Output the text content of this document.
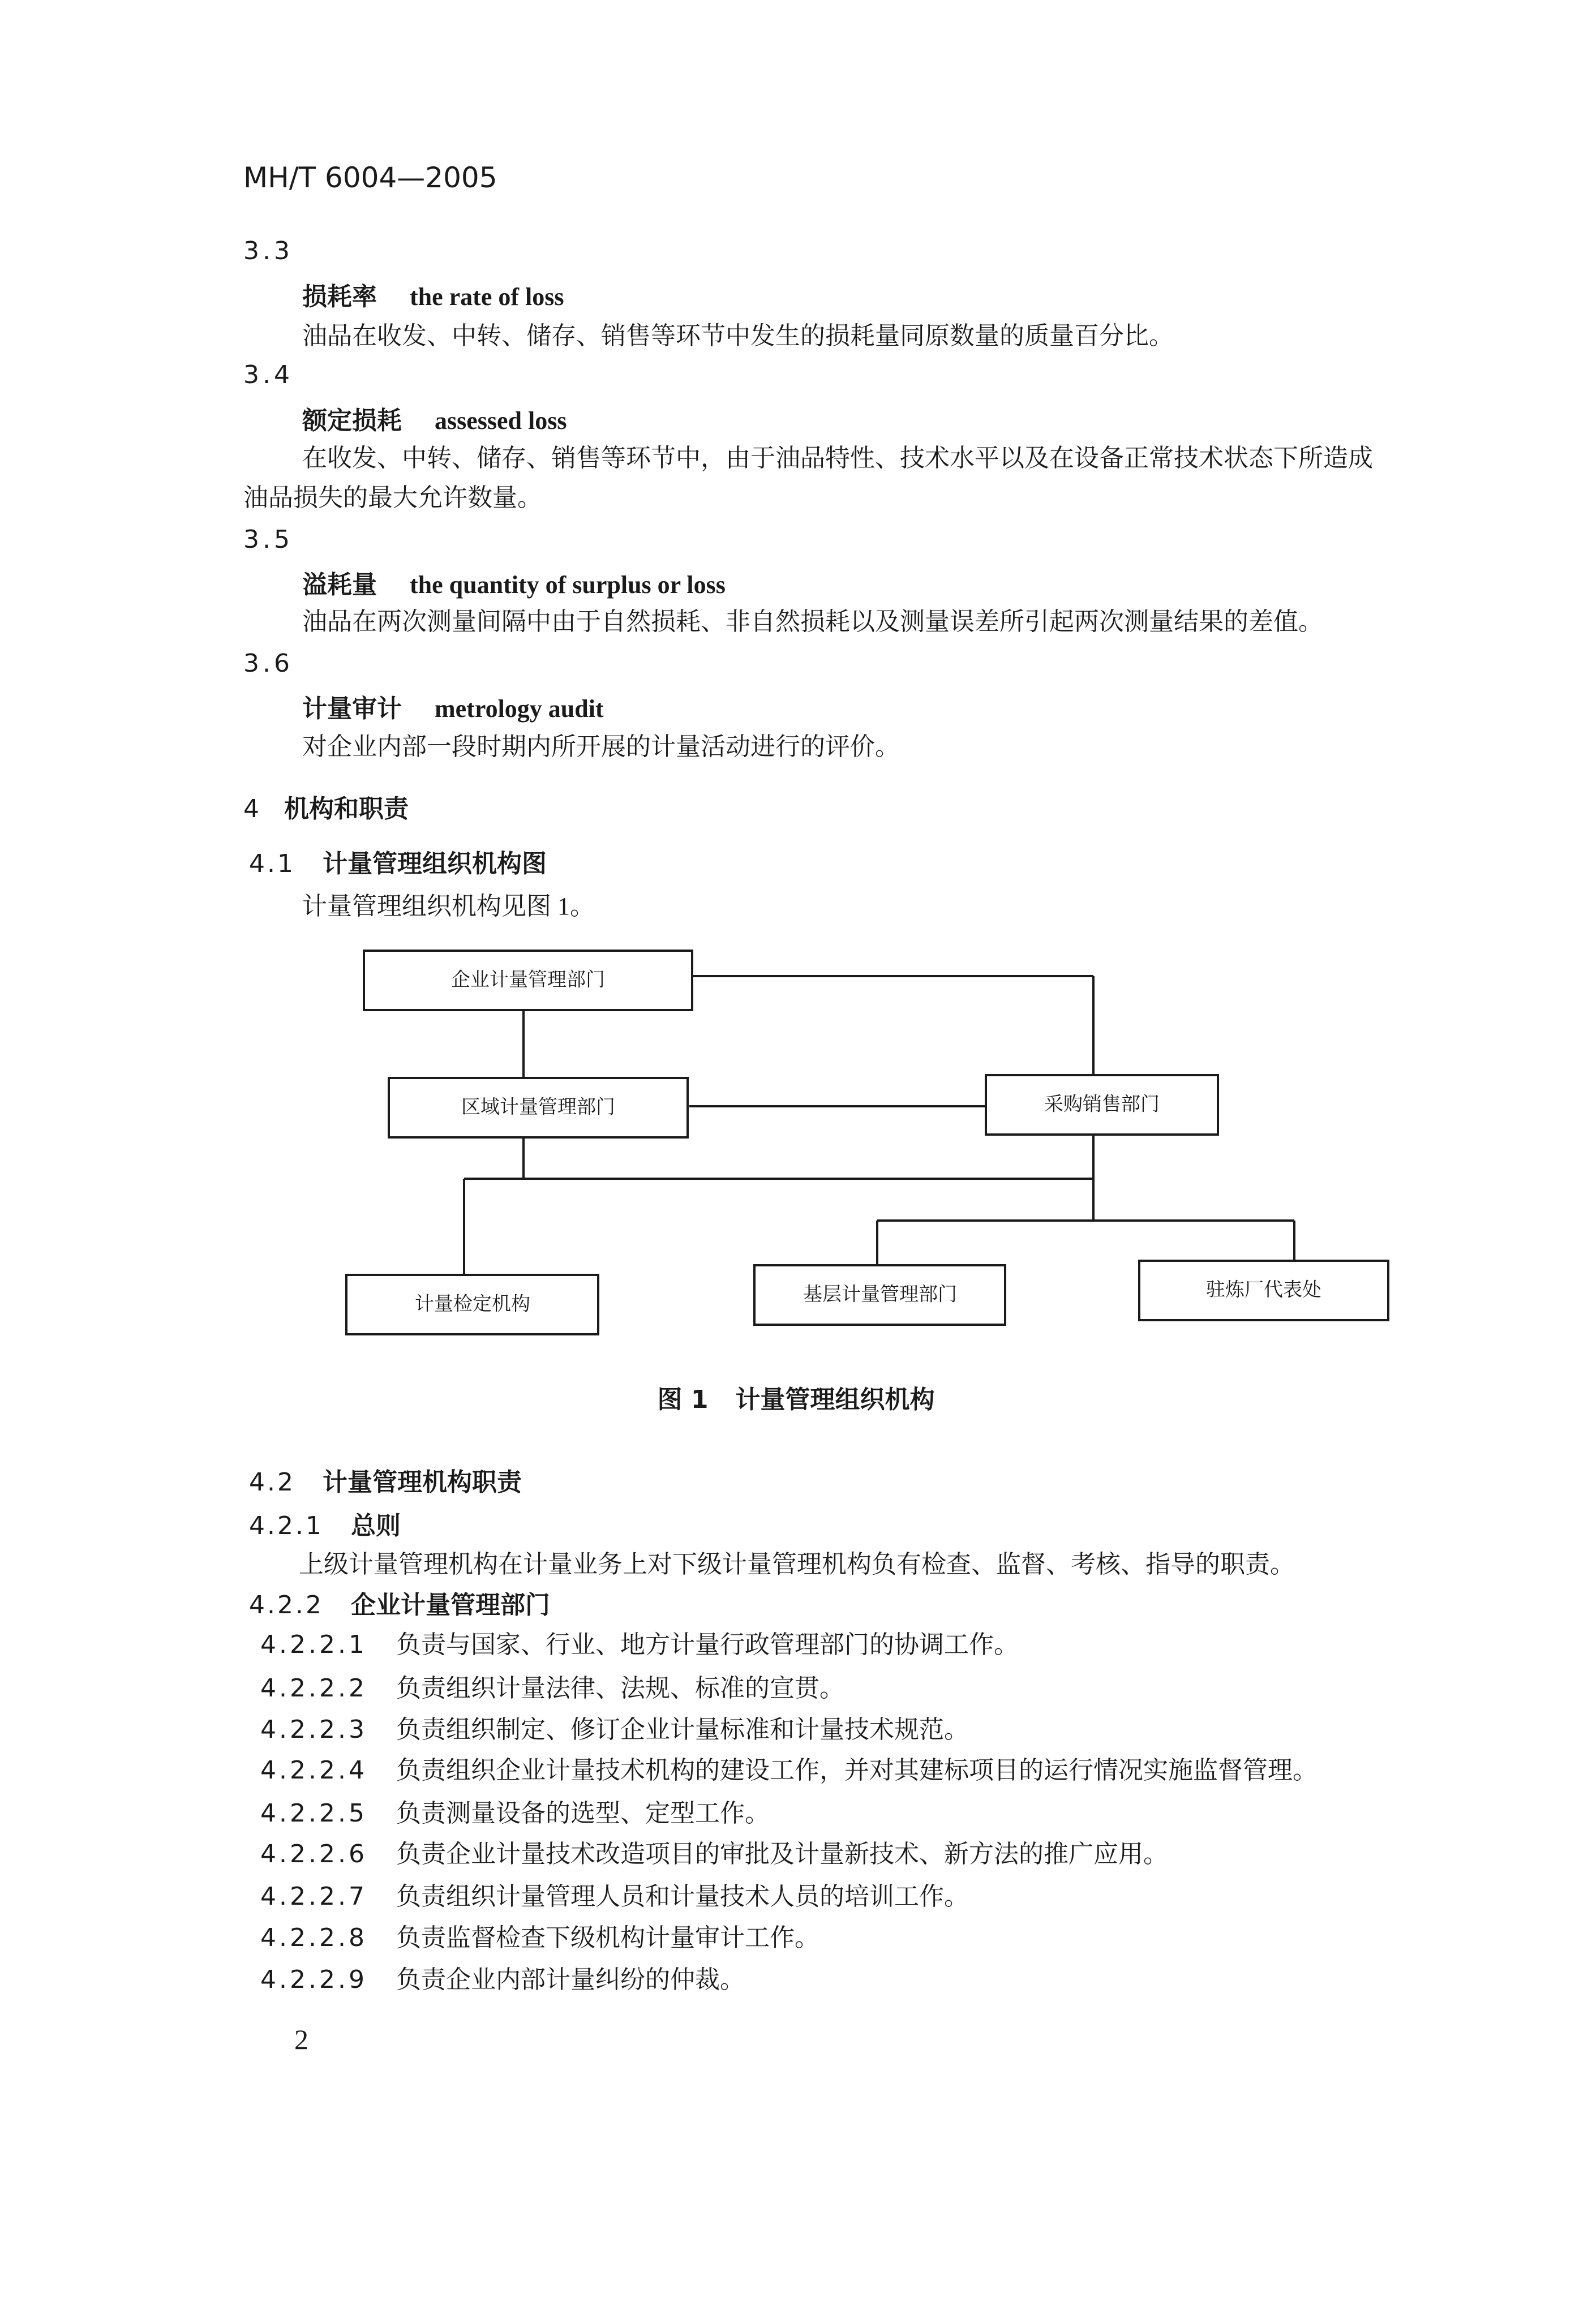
MH/T 6004—2005
3.3
损耗率 the rate of loss
油品在收发、中转、储存、销售等环节中发生的损耗量同原数量的质量百分比。
3.4
额定损耗 assessed loss
在收发、中转、储存、销售等环节中，由于油品特性、技术水平以及在设备正常技术状态下所造成
油品损失的最大允许数量。
3.5
溢耗量 the quantity of surplus or loss
油品在两次测量间隔中由于自然损耗、非自然损耗以及测量误差所引起两次测量结果的差值。
3.6
计量审计 metrology audit
对企业内部一段时期内所开展的计量活动进行的评价。
4 机构和职责
4.1 计量管理组织机构图
计量管理组织机构见图 1。
企业计量管理部门
区域计量管理部门	采购销售部门
计量检定机构	基层计量管理部门	驻炼厂代表处
图 1 计量管理组织机构
4.2 计量管理机构职责
4.2.1 总则
上级计量管理机构在计量业务上对下级计量管理机构负有检查、监督、考核、指导的职责。
4.2.2 企业计量管理部门
4.2.2.1 负责与国家、行业、地方计量行政管理部门的协调工作。
4.2.2.2 负责组织计量法律、法规、标准的宣贯。
4.2.2.3 负责组织制定、修订企业计量标准和计量技术规范。
4.2.2.4 负责组织企业计量技术机构的建设工作，并对其建标项目的运行情况实施监督管理。
4.2.2.5 负责测量设备的选型、定型工作。
4.2.2.6 负责企业计量技术改造项目的审批及计量新技术、新方法的推广应用。
4.2.2.7 负责组织计量管理人员和计量技术人员的培训工作。
4.2.2.8 负责监督检查下级机构计量审计工作。
4.2.2.9 负责企业内部计量纠纷的仲裁。
2
